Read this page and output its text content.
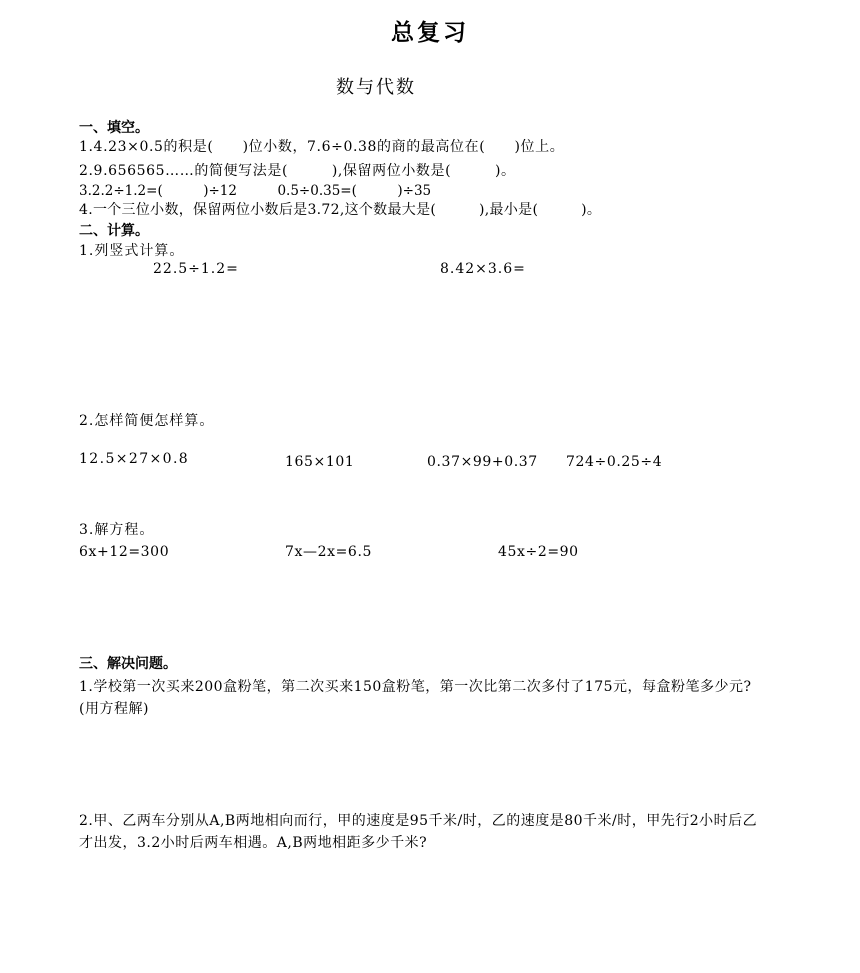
总复习
数与代数
一、填空。
1.4.23×0.5的积是(　　)位小数，7.6÷0.38的商的最高位在(　　)位上。
2.9.656565……的简便写法是(　　　),保留两位小数是(　　　)。
3.2.2÷1.2=(　　　)÷12　　　0.5÷0.35=(　　　)÷35
4.一个三位小数，保留两位小数后是3.72,这个数最大是(　　　),最小是(　　　)。
二、计算。
1.列竖式计算。
22.5÷1.2=	8.42×3.6=
2.怎样简便怎样算。
12.5×27×0.8	165×101	0.37×99+0.37 724÷0.25÷4
3.解方程。
6x+12=300	7x—2x=6.5	45x÷2=90
三、解决问题。
1.学校第一次买来200盒粉笔，第二次买来150盒粉笔，第一次比第二次多付了175元，每盒粉笔多少元?(用方程解)
2.甲、乙两车分别从A,B两地相向而行，甲的速度是95千米/时，乙的速度是80千米/时，甲先行2小时后乙才出发，3.2小时后两车相遇。A,B两地相距多少千米?
